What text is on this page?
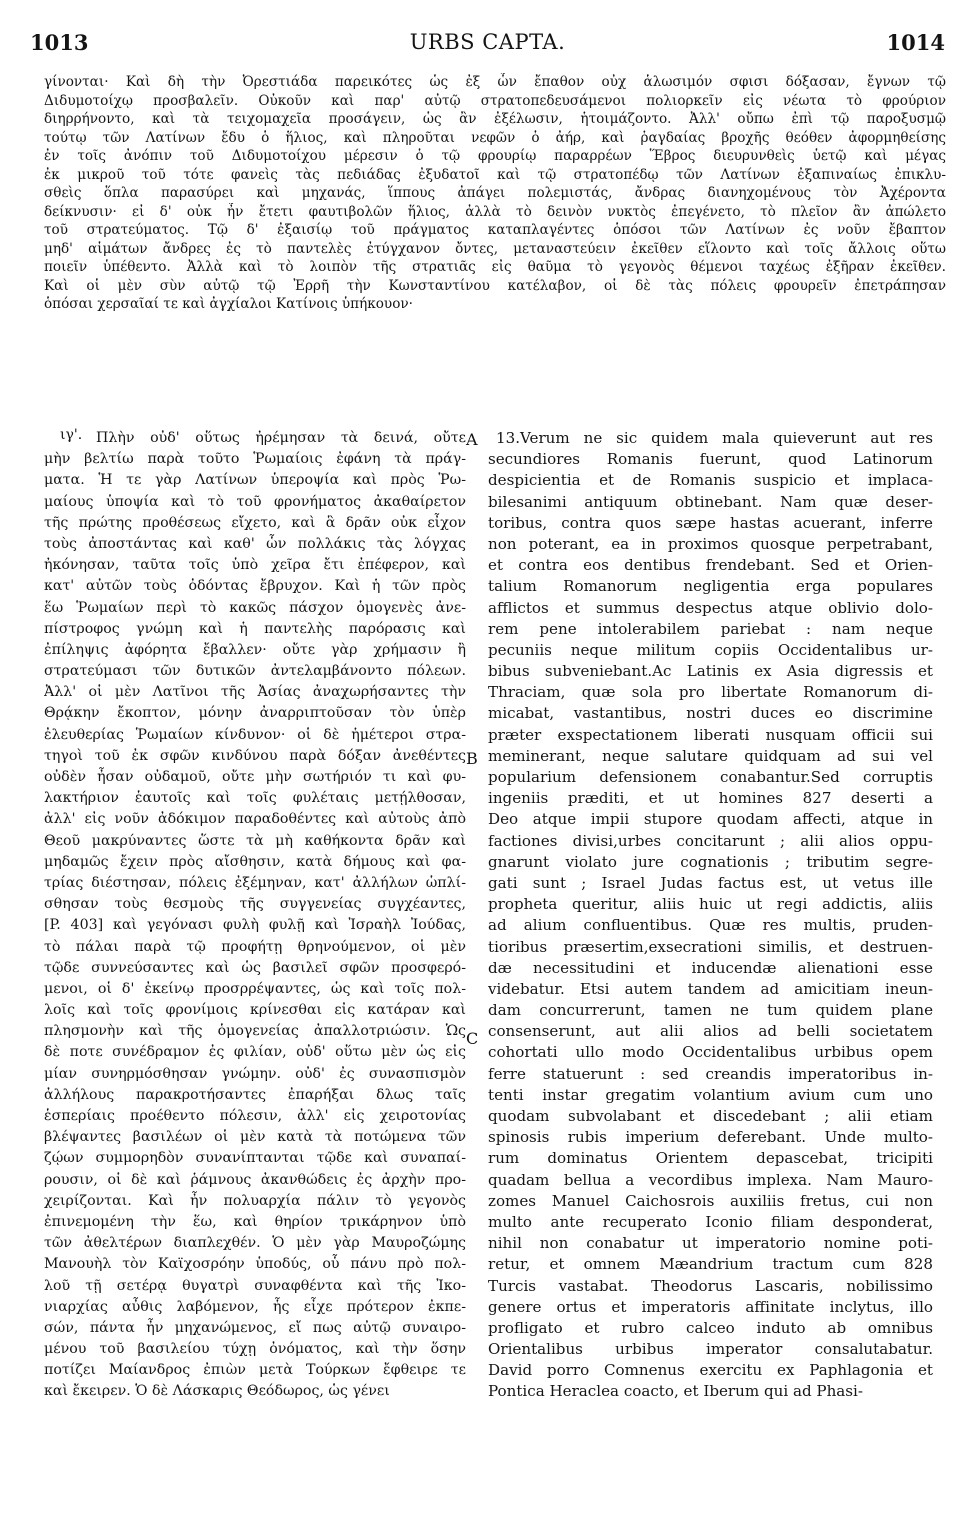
1013	URBS CAPTA.	1014
γίνονται· Καὶ δὴ τὴν Ὀρεστιάδα παρεικότες ὡς ἐξ ὧν ἔπαθον οὐχ ἁλωσιμόν σφισι δόξασαν, ἔγνων τῷ
Διδυμοτοίχῳ προσβαλεῖν. Οὐκοῦν καὶ παρ' αὐτῷ στρατοπεδευσάμενοι πολιορκεῖν εἰς νέωτα τὸ φρούριον
διηρρήνοντο, καὶ τὰ τειχομαχεῖα προσάγειν, ὡς ἂν ἐξέλωσιν, ἡτοιμάζοντο. Ἀλλ' οὔπω ἐπὶ τῷ παροξυσμῷ
τούτῳ τῶν Λατίνων ἔδυ ὁ ἥλιος, καὶ πληροῦται νεφῶν ὁ ἀήρ, καὶ ῥαγδαίας βροχῆς θεόθεν ἀφορμηθείσης
ἐν τοῖς ἀνόπιν τοῦ Διδυμοτοίχου μέρεσιν ὁ τῷ φρουρίῳ παραρρέων Ἕβρος διευρυνθεὶς ὑετῷ καὶ μέγας
ἐκ μικροῦ τοῦ τότε φανεὶς τὰς πεδιάδας ἐξυδατοῖ καὶ τῷ στρατοπέδῳ τῶν Λατίνων ἐξαπιναίως ἐπικλυ-
σθεὶς ὅπλα παρασύρει καὶ μηχανάς, ἵππους ἀπάγει πολεμιστάς, ἄνδρας διανηχομένους τὸν Ἀχέροντα
δείκνυσιν· εἰ δ' οὐκ ἦν ἔτετι φαυτιβολῶν ἥλιος, ἀλλὰ τὸ δεινὸν νυκτὸς ἐπεγένετο, τὸ πλεῖον ἂν ἀπώλετο
τοῦ στρατεύματος. Τῷ δ' ἐξαισίῳ τοῦ πράγματος καταπλαγέντες ὁπόσοι τῶν Λατίνων ἐς νοῦν ἔβαπτον
μηδ' αἱμάτων ἄνδρες ἐς τὸ παντελὲς ἐτύγχανον ὄντες, μεταναστεύειν ἐκεῖθεν εἵλοντο καὶ τοῖς ἄλλοις οὕτω
ποιεῖν ὑπέθεντο. Ἀλλὰ καὶ τὸ λοιπὸν τῆς στρατιᾶς εἰς θαῦμα τὸ γεγονὸς θέμενοι ταχέως ἐξῆραν ἐκεῖθεν.
Καὶ οἱ μὲν σὺν αὐτῷ τῷ Ἐρρῆ τὴν Κωνσταντίνου κατέλαβον, οἱ δὲ τὰς πόλεις φρουρεῖν ἐπετράπησαν
ὁπόσαι χερσαῖαί τε καὶ ἀγχίαλοι Κατίνοις ὑπήκουον·
ιγ'. Πλὴν οὐδ' οὕτως ἠρέμησαν τὰ δεινά, οὔτε
μὴν βελτίω παρὰ τοῦτο Ῥωμαίοις ἐφάνη τὰ πράγ-
ματα. Ἡ τε γὰρ Λατίνων ὑπεροψία καὶ πρὸς Ῥω-
μαίους ὑποψία καὶ τὸ τοῦ φρονήματος ἀκαθαίρετον
τῆς πρώτης προθέσεως εἴχετο, καὶ ἃ δρᾶν οὐκ εἶχον
τοὺς ἀποστάντας καὶ καθ' ὧν πολλάκις τὰς λόγχας
ἠκόνησαν, ταῦτα τοῖς ὑπὸ χεῖρα ἔτι ἐπέφερον, καὶ
κατ' αὐτῶν τοὺς ὀδόντας ἔβρυχον. Καὶ ἡ τῶν πρὸς
ἕω Ῥωμαίων περὶ τὸ κακῶς πάσχον ὁμογενὲς ἀνε-
πίστροφος γνώμη καὶ ἡ παντελὴς παρόρασις καὶ
ἐπίληψις ἀφόρητα ἔβαλλεν· οὔτε γὰρ χρήμασιν ἢ
στρατεύμασι τῶν δυτικῶν ἀντελαμβάνοντο πόλεων.
Ἀλλ' οἱ μὲν Λατῖνοι τῆς Ἀσίας ἀναχωρήσαντες τὴν
Θρᾴκην ἔκοπτον, μόνην ἀναρριπτοῦσαν τὸν ὑπὲρ
ἐλευθερίας Ῥωμαίων κίνδυνον· οἱ δὲ ἡμέτεροι στρα-
τηγοὶ τοῦ ἐκ σφῶν κινδύνου παρὰ δόξαν ἀνεθέντες
οὐδὲν ἦσαν οὐδαμοῦ, οὔτε μὴν σωτήριόν τι καὶ φυ-
λακτήριον ἑαυτοῖς καὶ τοῖς φυλέταις μετῄλθοσαν,
ἀλλ' εἰς νοῦν ἀδόκιμον παραδοθέντες καὶ αὐτοὺς ἀπὸ
Θεοῦ μακρύναντες ὥστε τὰ μὴ καθήκοντα δρᾶν καὶ
μηδαμῶς ἔχειν πρὸς αἴσθησιν, κατὰ δήμους καὶ φα-
τρίας διέστησαν, πόλεις ἐξέμηναν, κατ' ἀλλήλων ὡπλί-
σθησαν τοὺς θεσμοὺς τῆς συγγενείας συγχέαντες,
[P. 403] καὶ γεγόνασι φυλὴ φυλῇ καὶ Ἰσραὴλ Ἰούδας,
τὸ πάλαι παρὰ τῷ προφήτῃ θρηνούμενον, οἱ μὲν
τῷδε συννεύσαντες καὶ ὡς βασιλεῖ σφῶν προσφερό-
μενοι, οἱ δ' ἐκείνῳ προσρρέψαντες, ὡς καὶ τοῖς πολ-
λοῖς καὶ τοῖς φρονίμοις κρίνεσθαι εἰς κατάραν καὶ
πλησμονὴν καὶ τῆς ὁμογενείας ἀπαλλοτριώσιν. Ὡς
δὲ ποτε συνέδραμον ἐς φιλίαν, οὐδ' οὕτω μὲν ὡς εἰς
μίαν συνηρμόσθησαν γνώμην. οὐδ' ἐς συνασπισμὸν
ἀλλήλους παρακροτήσαντες ἐπαρήξαι δλως ταῖς
ἑσπερίαις προέθεντο πόλεσιν, ἀλλ' εἰς χειροτονίας
βλέψαντες βασιλέων οἱ μὲν κατὰ τὰ ποτώμενα τῶν
ζῴων συμμορηδὸν συνανίπτανται τῷδε καὶ συναπαί-
ρουσιν, οἱ δὲ καὶ ῥάμνους ἀκανθώδεις ἐς ἀρχὴν προ-
χειρίζονται. Καὶ ἦν πολυαρχία πάλιν τὸ γεγονὸς
ἐπινεμομένη τὴν ἕω, καὶ θηρίον τρικάρηνον ὑπὸ
τῶν ἀθελτέρων διαπλεχθέν. Ὁ μὲν γὰρ Μαυροζώμης
Μανουὴλ τὸν Καϊχοσρόην ὑποδύς, οὗ πάνυ πρὸ πολ-
λοῦ τῇ σετέρᾳ θυγατρὶ συναφθέντα καὶ τῆς Ἰκο-
νιαρχίας αὖθις λαβόμενον, ἧς εἶχε πρότερον ἐκπε-
σών, πάντα ἦν μηχανώμενος, εἴ πως αὐτῷ συναιρο-
μένου τοῦ βασιλείου τύχῃ ὀνόματος, καὶ τὴν ὅσην
ποτίζει Μαίανδρος ἐπιὼν μετὰ Τούρκων ἔφθειρε τε
καὶ ἔκειρεν. Ὁ δὲ Λάσκαρις Θεόδωρος, ὡς γένει
A
B
C
13.Verum ne sic quidem mala quieverunt aut res
secundiores Romanis fuerunt, quod Latinorum
despicientia et de Romanis suspicio et implaca-
bilesanimi antiquum obtinebant. Nam quæ deser-
toribus, contra quos sæpe hastas acuerant, inferre
non poterant, ea in proximos quosque perpetrabant,
et contra eos dentibus frendebant. Sed et Orien-
talium Romanorum negligentia erga populares
afflictos et summus despectus atque oblivio dolo-
rem pene intolerabilem pariebat : nam neque
pecuniis neque militum copiis Occidentalibus ur-
bibus subveniebant.Ac Latinis ex Asia digressis et
Thraciam, quæ sola pro libertate Romanorum di-
micabat, vastantibus, nostri duces eo discrimine
præter exspectationem liberati nusquam officii sui
meminerant, neque salutare quidquam ad sui vel
popularium defensionem conabantur.Sed corruptis
ingeniis præditi, et ut homines 827 deserti a
Deo atque impii stupore quodam affecti, atque in
factiones divisi,urbes concitarunt ; alii alios oppu-
gnarunt violato jure cognationis ; tributim segre-
gati sunt ; Israel Judas factus est, ut vetus ille
propheta queritur, aliis huic ut regi addictis, aliis
ad alium confluentibus. Quæ res multis, pruden-
tioribus præsertim,exsecrationi similis, et destruen-
dæ necessitudini et inducendæ alienationi esse
videbatur. Etsi autem tandem ad amicitiam ineun-
dam concurrerunt, tamen ne tum quidem plane
consenserunt, aut alii alios ad belli societatem
cohortati ullo modo Occidentalibus urbibus opem
ferre statuerunt : sed creandis imperatoribus in-
tenti instar gregatim volantium avium cum uno
quodam subvolabant et discedebant ; alii etiam
spinosis rubis imperium deferebant. Unde multo-
rum dominatus Orientem depascebat, tricipiti
quadam bellua a vecordibus implexa. Nam Mauro-
zomes Manuel Caichosrois auxiliis fretus, cui non
multo ante recuperato Iconio filiam desponderat,
nihil non conabatur ut imperatorio nomine poti-
retur, et omnem Mæandrium tractum cum 828
Turcis vastabat. Theodorus Lascaris, nobilissimo
genere ortus et imperatoris affinitate inclytus, illo
profligato et rubro calceo induto ab omnibus
Orientalibus urbibus imperator consalutabatur.
David porro Comnenus exercitu ex Paphlagonia et
Pontica Heraclea coacto, et Iberum qui ad Phasi-
